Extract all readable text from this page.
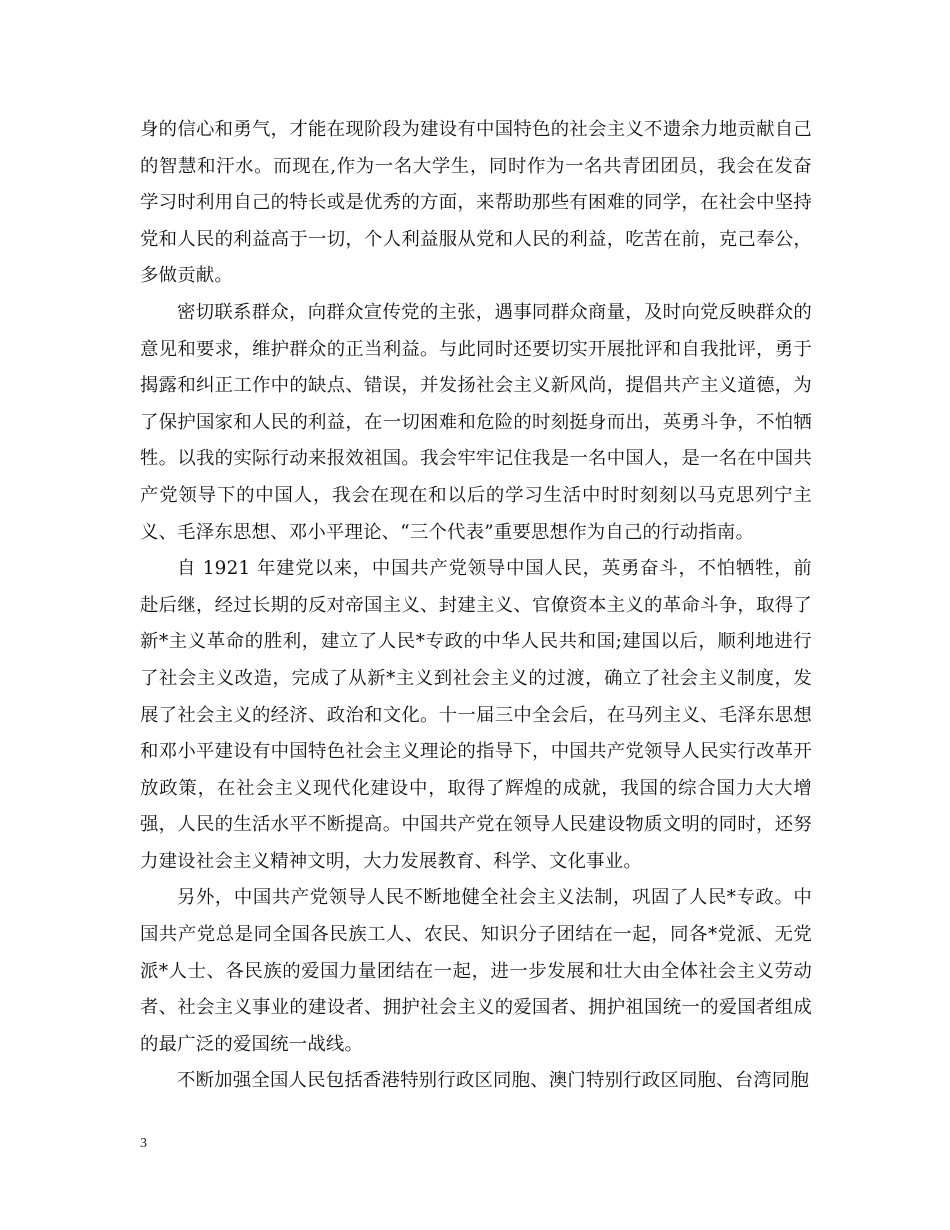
身的信心和勇气，才能在现阶段为建设有中国特色的社会主义不遗余力地贡献自己的智慧和汗水。而现在,作为一名大学生，同时作为一名共青团团员，我会在发奋学习时利用自己的特长或是优秀的方面，来帮助那些有困难的同学，在社会中坚持党和人民的利益高于一切，个人利益服从党和人民的利益，吃苦在前，克己奉公，多做贡献。

密切联系群众，向群众宣传党的主张，遇事同群众商量，及时向党反映群众的意见和要求，维护群众的正当利益。与此同时还要切实开展批评和自我批评，勇于揭露和纠正工作中的缺点、错误，并发扬社会主义新风尚，提倡共产主义道德，为了保护国家和人民的利益，在一切困难和危险的时刻挺身而出，英勇斗争，不怕牺牲。以我的实际行动来报效祖国。我会牢牢记住我是一名中国人，是一名在中国共产党领导下的中国人，我会在现在和以后的学习生活中时时刻刻以马克思列宁主义、毛泽东思想、邓小平理论、“三个代表”重要思想作为自己的行动指南。

自 1921 年建党以来，中国共产党领导中国人民，英勇奋斗，不怕牺牲，前赴后继，经过长期的反对帝国主义、封建主义、官僚资本主义的革命斗争，取得了新*主义革命的胜利，建立了人民*专政的中华人民共和国;建国以后，顺利地进行了社会主义改造，完成了从新*主义到社会主义的过渡，确立了社会主义制度，发展了社会主义的经济、政治和文化。十一届三中全会后，在马列主义、毛泽东思想和邓小平建设有中国特色社会主义理论的指导下，中国共产党领导人民实行改革开放政策，在社会主义现代化建设中，取得了辉煌的成就，我国的综合国力大大增强，人民的生活水平不断提高。中国共产党在领导人民建设物质文明的同时，还努力建设社会主义精神文明，大力发展教育、科学、文化事业。

另外，中国共产党领导人民不断地健全社会主义法制，巩固了人民*专政。中国共产党总是同全国各民族工人、农民、知识分子团结在一起，同各*党派、无党派*人士、各民族的爱国力量团结在一起，进一步发展和壮大由全体社会主义劳动者、社会主义事业的建设者、拥护社会主义的爱国者、拥护祖国统一的爱国者组成的最广泛的爱国统一战线。

不断加强全国人民包括香港特别行政区同胞、澳门特别行政区同胞、台湾同胞

3
